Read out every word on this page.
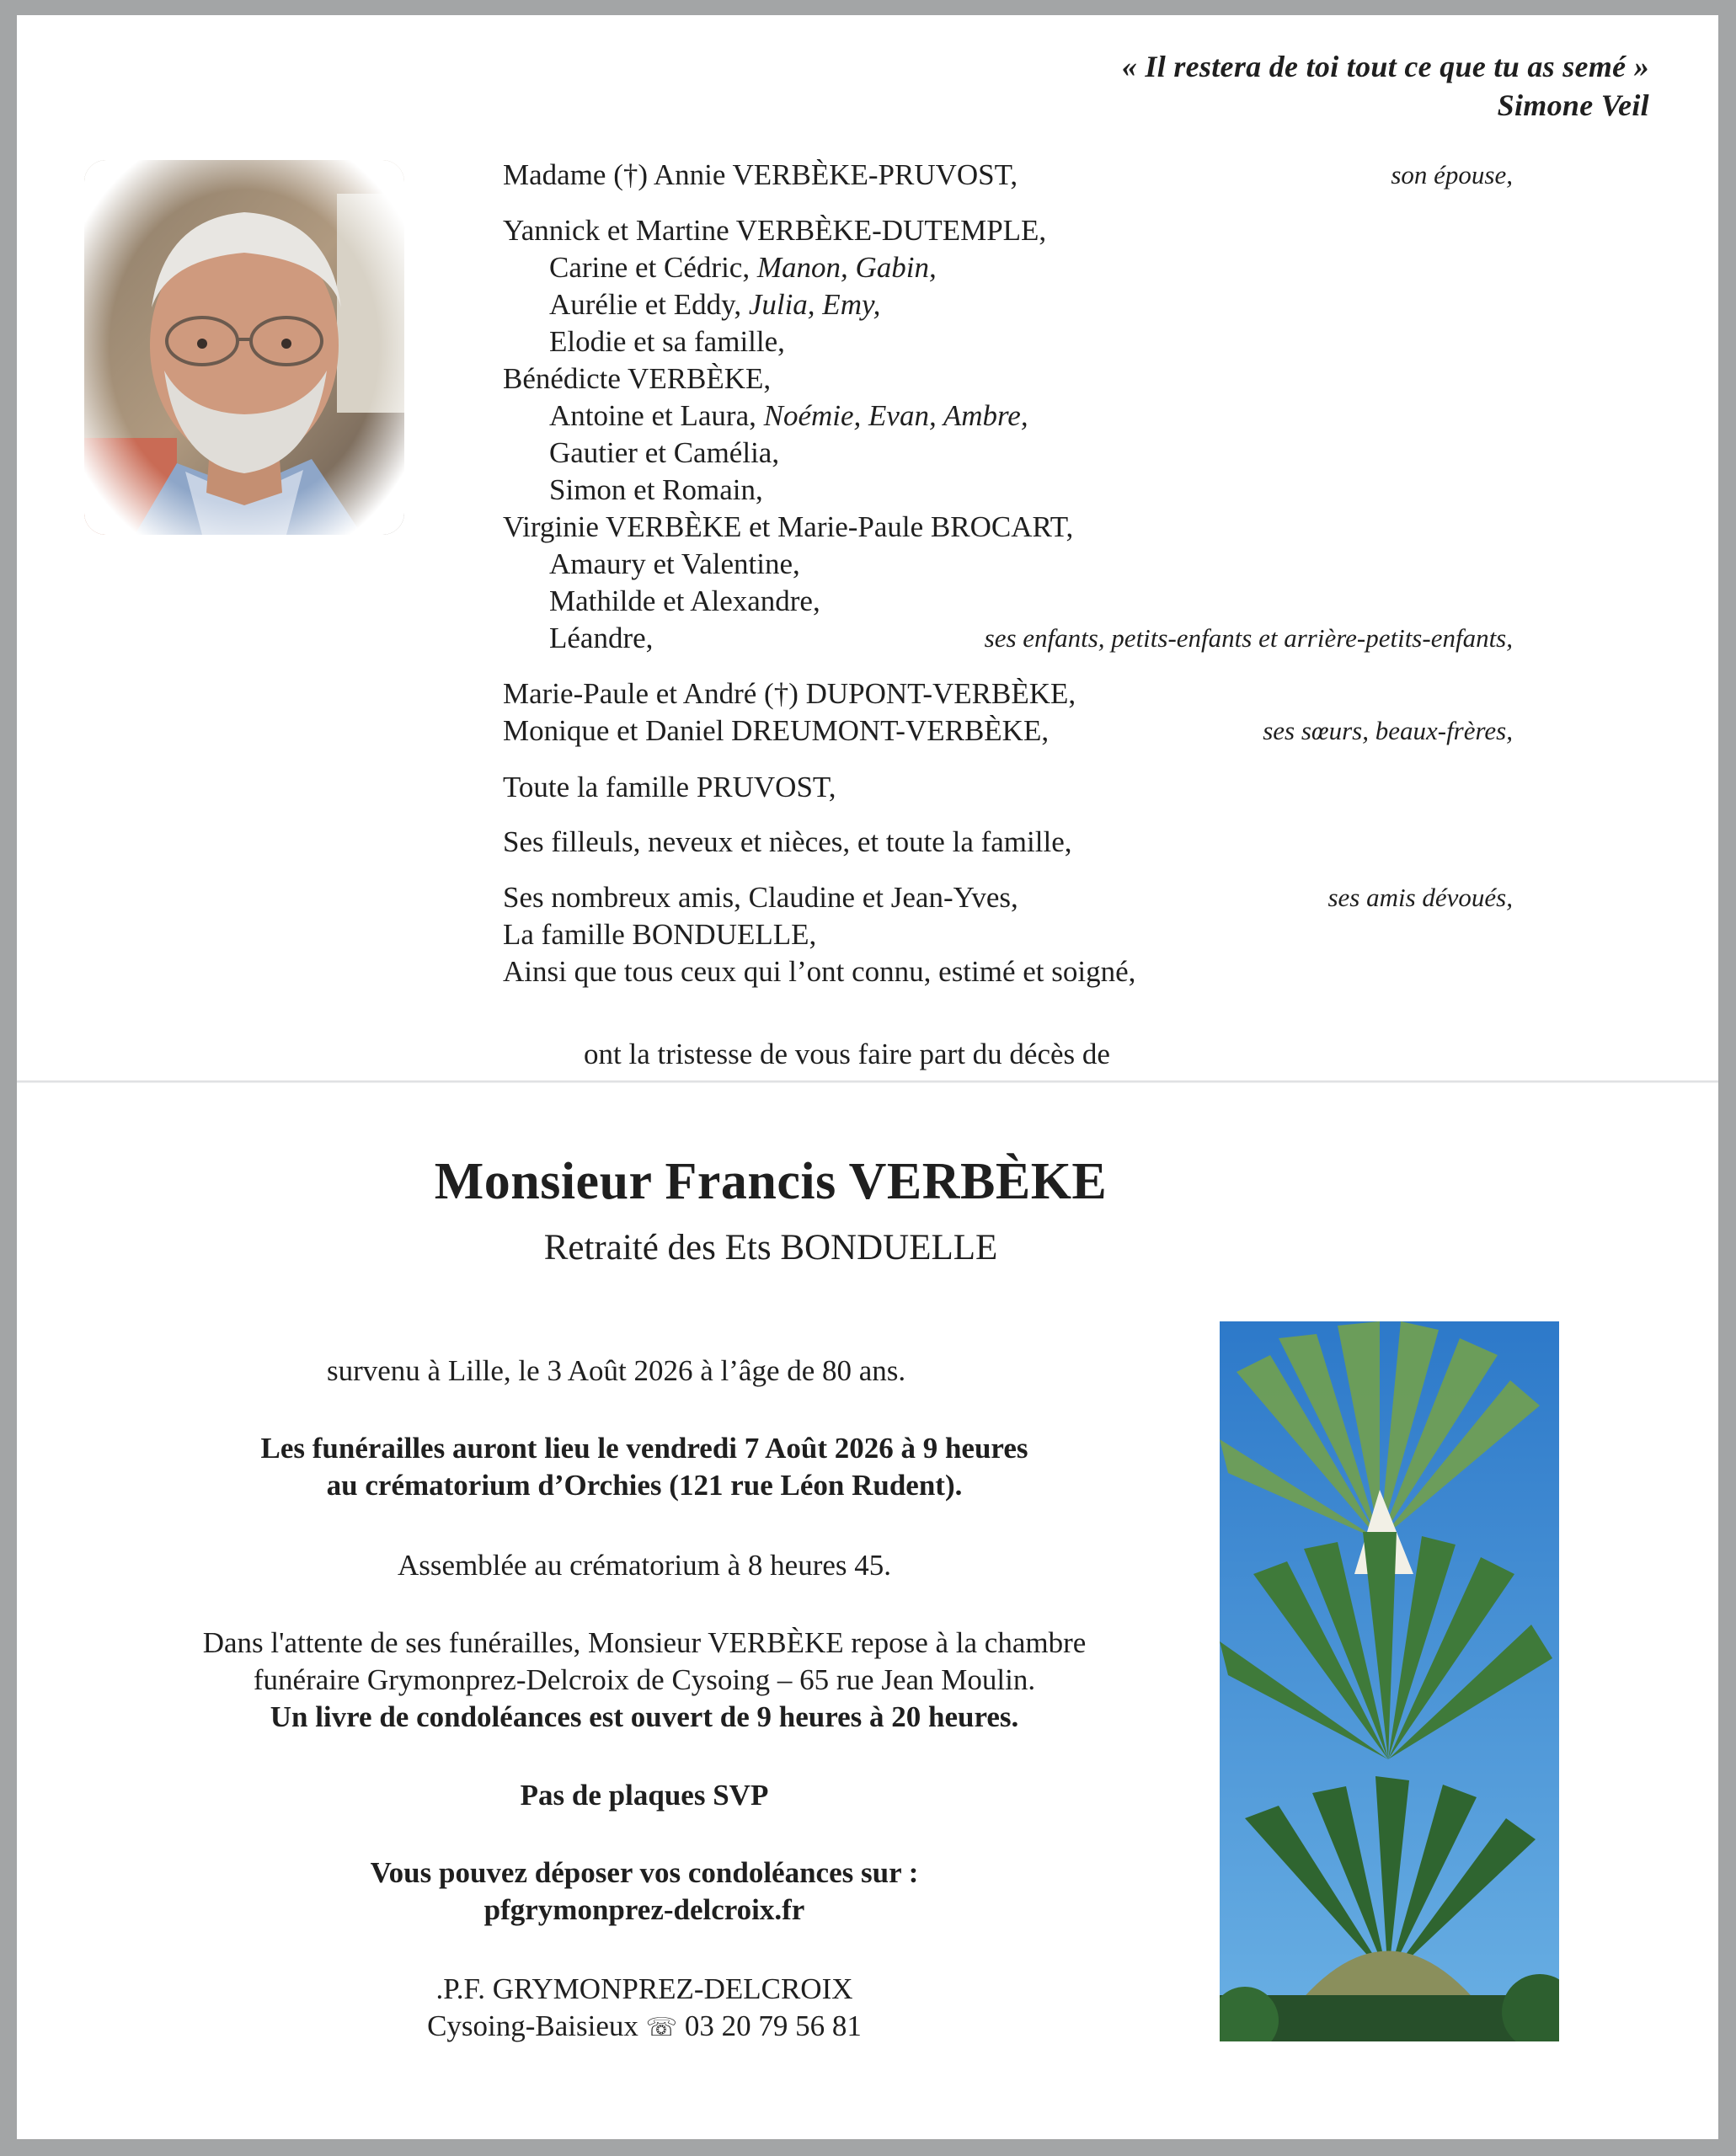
« Il restera de toi tout ce que tu as semé »
Simone Veil
Madame (†) Annie VERBÈKE-PRUVOST,	son épouse,
Yannick et Martine VERBÈKE-DUTEMPLE,
Carine et Cédric, Manon, Gabin,
Aurélie et Eddy, Julia, Emy,
Elodie et sa famille,
Bénédicte VERBÈKE,
Antoine et Laura, Noémie, Evan, Ambre,
Gautier et Camélia,
Simon et Romain,
Virginie VERBÈKE et Marie-Paule BROCART,
Amaury et Valentine,
Mathilde et Alexandre,
Léandre,	ses enfants, petits-enfants et arrière-petits-enfants,
Marie-Paule et André (†) DUPONT-VERBÈKE,
Monique et Daniel DREUMONT-VERBÈKE,	ses sœurs, beaux-frères,
Toute la famille PRUVOST,
Ses filleuls, neveux et nièces, et toute la famille,
Ses nombreux amis, Claudine et Jean-Yves,	ses amis dévoués,
La famille BONDUELLE,
Ainsi que tous ceux qui l’ont connu, estimé et soigné,
ont la tristesse de vous faire part du décès de
Monsieur Francis VERBÈKE
Retraité des Ets BONDUELLE
survenu à Lille, le 3 Août 2026 à l’âge de 80 ans.
Les funérailles auront lieu le vendredi 7 Août 2026 à 9 heures
au crématorium d’Orchies (121 rue Léon Rudent).
Assemblée au crématorium à 8 heures 45.
Dans l'attente de ses funérailles, Monsieur VERBÈKE repose à la chambre
funéraire Grymonprez-Delcroix de Cysoing – 65 rue Jean Moulin.
Un livre de condoléances est ouvert de 9 heures à 20 heures.
Pas de plaques SVP
Vous pouvez déposer vos condoléances sur :
pfgrymonprez-delcroix.fr
.P.F. GRYMONPREZ-DELCROIX
Cysoing-Baisieux ☏ 03 20 79 56 81
